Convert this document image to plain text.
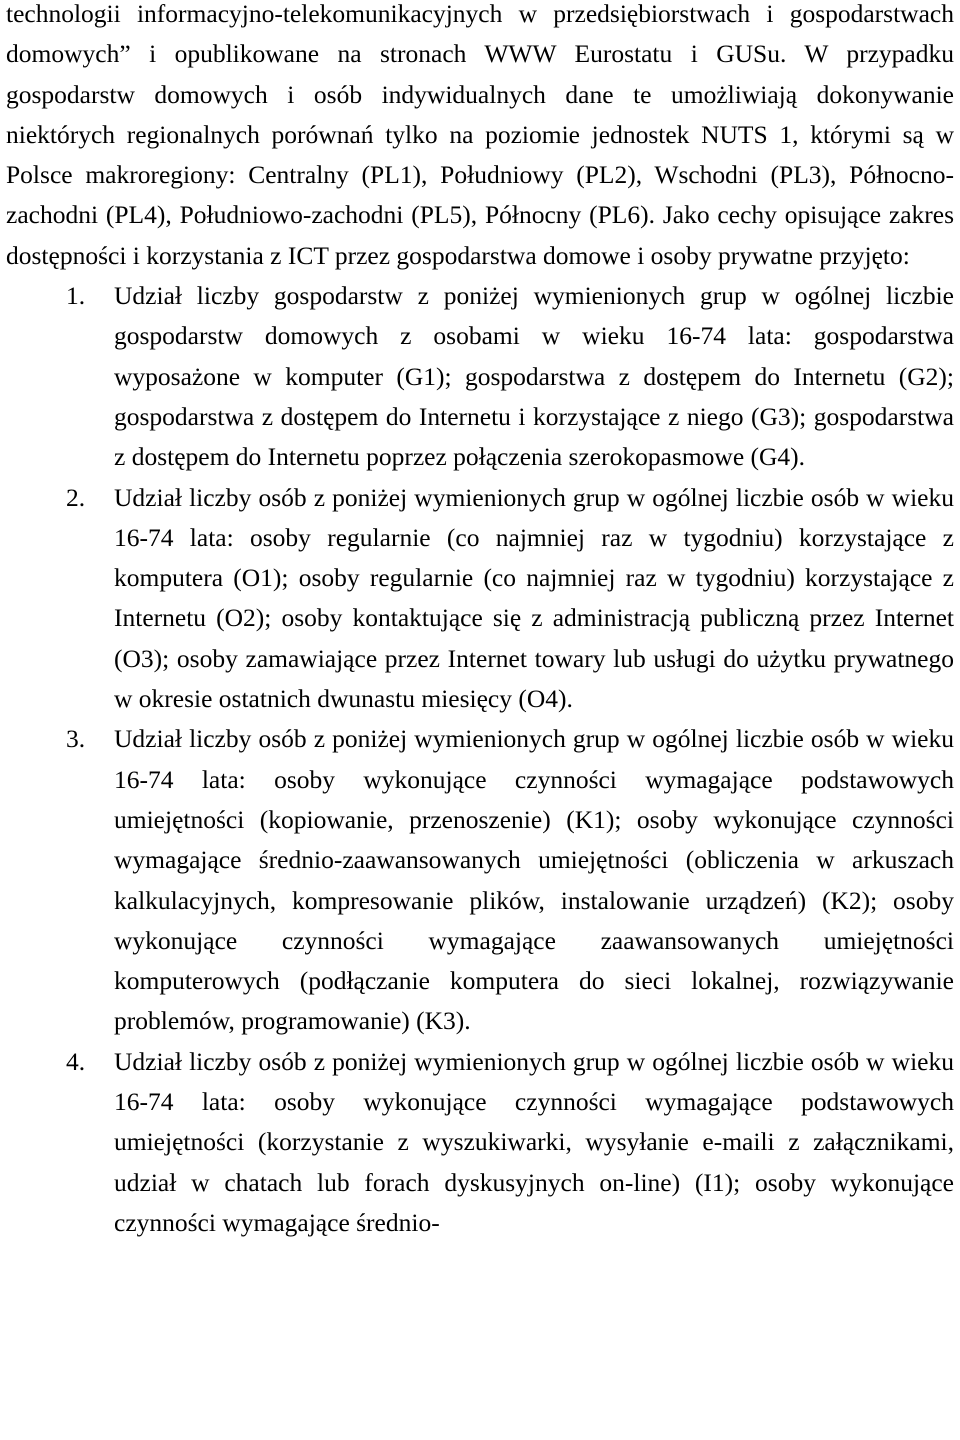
technologii informacyjno-telekomunikacyjnych w przedsiębiorstwach i gospodarstwach domowych” i opublikowane na stronach WWW Eurostatu i GUSu. W przypadku gospodarstw domowych i osób indywidualnych dane te umożliwiają dokonywanie niektórych regionalnych porównań tylko na poziomie jednostek NUTS 1, którymi są w Polsce makroregiony: Centralny (PL1), Południowy (PL2), Wschodni (PL3), Północno-zachodni (PL4), Południowo-zachodni (PL5), Północny (PL6). Jako cechy opisujące zakres dostępności i korzystania z ICT przez gospodarstwa domowe i osoby prywatne przyjęto:

1. Udział liczby gospodarstw z poniżej wymienionych grup w ogólnej liczbie gospodarstw domowych z osobami w wieku 16-74 lata: gospodarstwa wyposażone w komputer (G1); gospodarstwa z dostępem do Internetu (G2); gospodarstwa z dostępem do Internetu i korzystające z niego (G3); gospodarstwa z dostępem do Internetu poprzez połączenia szerokopasmowe (G4).
2. Udział liczby osób z poniżej wymienionych grup w ogólnej liczbie osób w wieku 16-74 lata: osoby regularnie (co najmniej raz w tygodniu) korzystające z komputera (O1); osoby regularnie (co najmniej raz w tygodniu) korzystające z Internetu (O2); osoby kontaktujące się z administracją publiczną przez Internet (O3); osoby zamawiające przez Internet towary lub usługi do użytku prywatnego w okresie ostatnich dwunastu miesięcy (O4).
3. Udział liczby osób z poniżej wymienionych grup w ogólnej liczbie osób w wieku 16-74 lata: osoby wykonujące czynności wymagające podstawowych umiejętności (kopiowanie, przenoszenie) (K1); osoby wykonujące czynności wymagające średnio-zaawansowanych umiejętności (obliczenia w arkuszach kalkulacyjnych, kompresowanie plików, instalowanie urządzeń) (K2); osoby wykonujące czynności wymagające zaawansowanych umiejętności komputerowych (podłączanie komputera do sieci lokalnej, rozwiązywanie problemów, programowanie) (K3).
4. Udział liczby osób z poniżej wymienionych grup w ogólnej liczbie osób w wieku 16-74 lata: osoby wykonujące czynności wymagające podstawowych umiejętności (korzystanie z wyszukiwarki, wysyłanie e-maili z załącznikami, udział w chatach lub forach dyskusyjnych on-line) (I1); osoby wykonujące czynności wymagające średnio-
